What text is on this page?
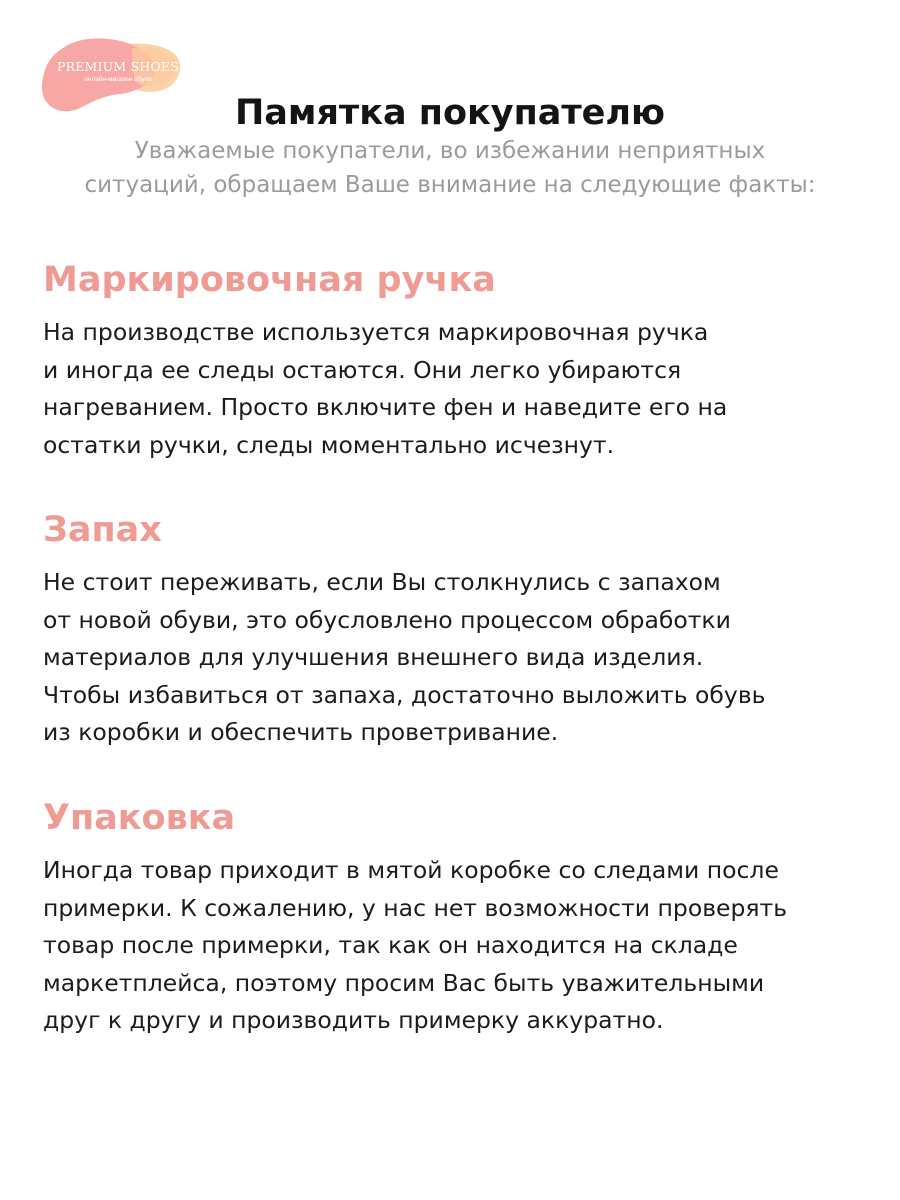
PREMIUM SHOES
онлайн-магазин обуви
Памятка покупателю
Уважаемые покупатели, во избежании неприятных
ситуаций, обращаем Ваше внимание на следующие факты:
Маркировочная ручка
На производстве используется маркировочная ручка
и иногда ее следы остаются. Они легко убираются
нагреванием. Просто включите фен и наведите его на
остатки ручки, следы моментально исчезнут.
Запах
Не стоит переживать, если Вы столкнулись с запахом
от новой обуви, это обусловлено процессом обработки
материалов для улучшения внешнего вида изделия.
Чтобы избавиться от запаха, достаточно выложить обувь
из коробки и обеспечить проветривание.
Упаковка
Иногда товар приходит в мятой коробке со следами после
примерки. К сожалению, у нас нет возможности проверять
товар после примерки, так как он находится на складе
маркетплейса, поэтому просим Вас быть уважительными
друг к другу и производить примерку аккуратно.
